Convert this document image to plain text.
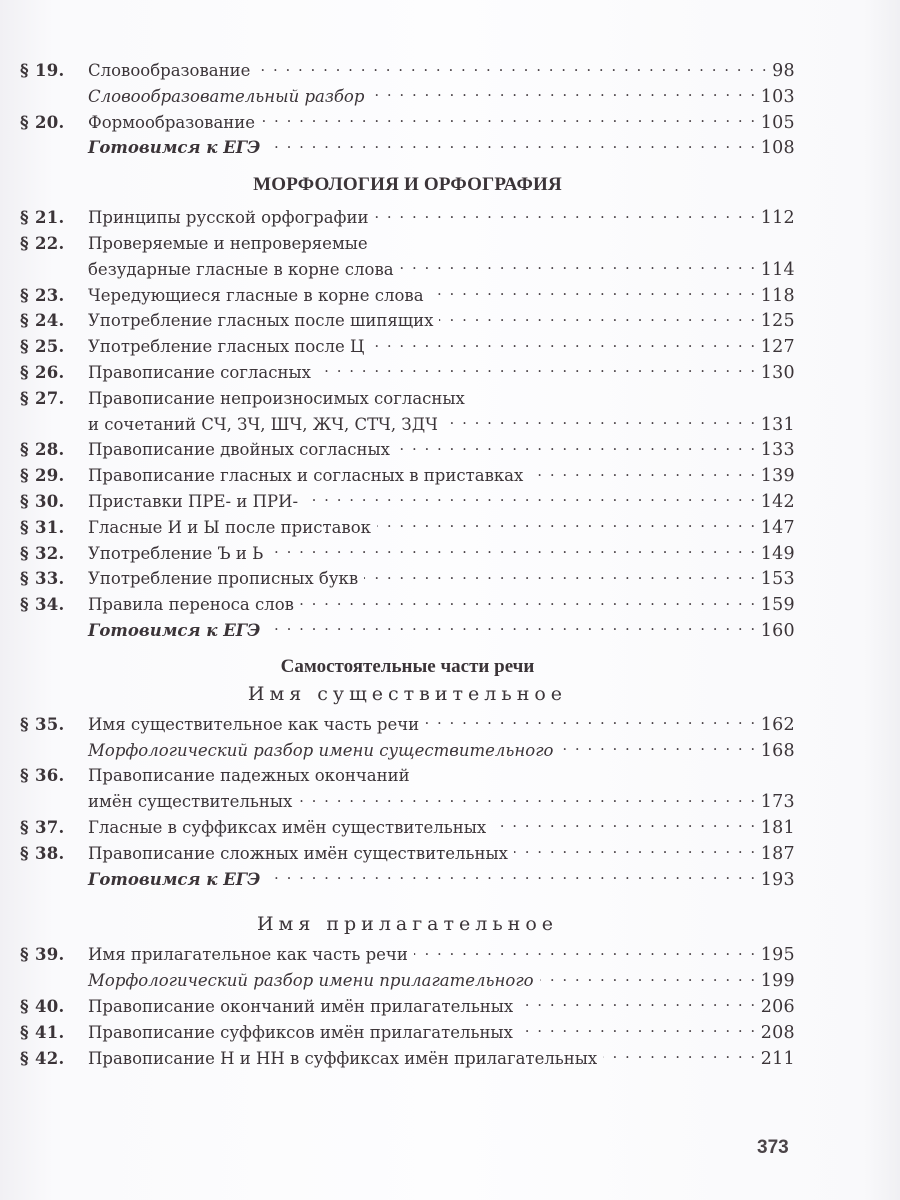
§ 19.	Словообразование . . .	98
Словообразовательный разбор . . .	103
§ 20.	Формообразование . . .	105
Готовимся к ЕГЭ . . .	108
МОРФОЛОГИЯ И ОРФОГРАФИЯ
§ 21.	Принципы русской орфографии . . .	112
§ 22.	Проверяемые и непроверяемые
безударные гласные в корне слова . . .	114
§ 23.	Чередующиеся гласные в корне слова . . .	118
§ 24.	Употребление гласных после шипящих . . .	125
§ 25.	Употребление гласных после Ц . . .	127
§ 26.	Правописание согласных . . .	130
§ 27.	Правописание непроизносимых согласных
и сочетаний СЧ, ЗЧ, ШЧ, ЖЧ, СТЧ, ЗДЧ . . .	131
§ 28.	Правописание двойных согласных . . .	133
§ 29.	Правописание гласных и согласных в приставках . . .	139
§ 30.	Приставки ПРЕ- и ПРИ- . . .	142
§ 31.	Гласные И и Ы после приставок . . .	147
§ 32.	Употребление Ъ и Ь . . .	149
§ 33.	Употребление прописных букв . . .	153
§ 34.	Правила переноса слов . . .	159
Готовимся к ЕГЭ . . .	160
Самостоятельные части речи
Имя существительное
§ 35.	Имя существительное как часть речи . . .	162
Морфологический разбор имени существительного . . .	168
§ 36.	Правописание падежных окончаний
имён существительных . . .	173
§ 37.	Гласные в суффиксах имён существительных . . .	181
§ 38.	Правописание сложных имён существительных . . .	187
Готовимся к ЕГЭ . . .	193
Имя прилагательное
§ 39.	Имя прилагательное как часть речи . . .	195
Морфологический разбор имени прилагательного . . .	199
§ 40.	Правописание окончаний имён прилагательных . . .	206
§ 41.	Правописание суффиксов имён прилагательных . . .	208
§ 42.	Правописание Н и НН в суффиксах имён прилагательных . . .	211
373
